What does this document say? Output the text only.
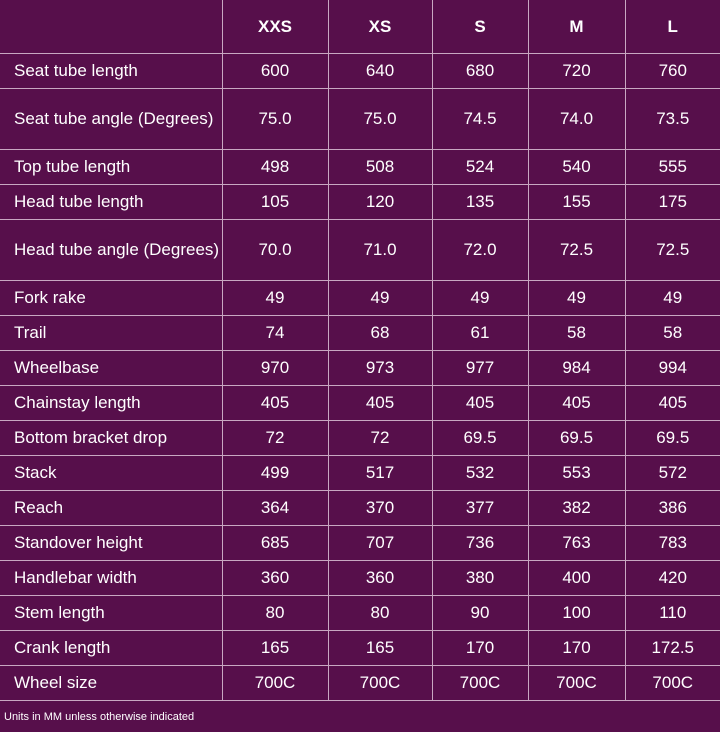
	XXS	XS	S	M	L
Seat tube length	600	640	680	720	760
Seat tube angle (Degrees)	75.0	75.0	74.5	74.0	73.5
Top tube length	498	508	524	540	555
Head tube length	105	120	135	155	175
Head tube angle (Degrees)	70.0	71.0	72.0	72.5	72.5
Fork rake	49	49	49	49	49
Trail	74	68	61	58	58
Wheelbase	970	973	977	984	994
Chainstay length	405	405	405	405	405
Bottom bracket drop	72	72	69.5	69.5	69.5
Stack	499	517	532	553	572
Reach	364	370	377	382	386
Standover height	685	707	736	763	783
Handlebar width	360	360	380	400	420
Stem length	80	80	90	100	110
Crank length	165	165	170	170	172.5
Wheel size	700C	700C	700C	700C	700C
Units in MM unless otherwise indicated
